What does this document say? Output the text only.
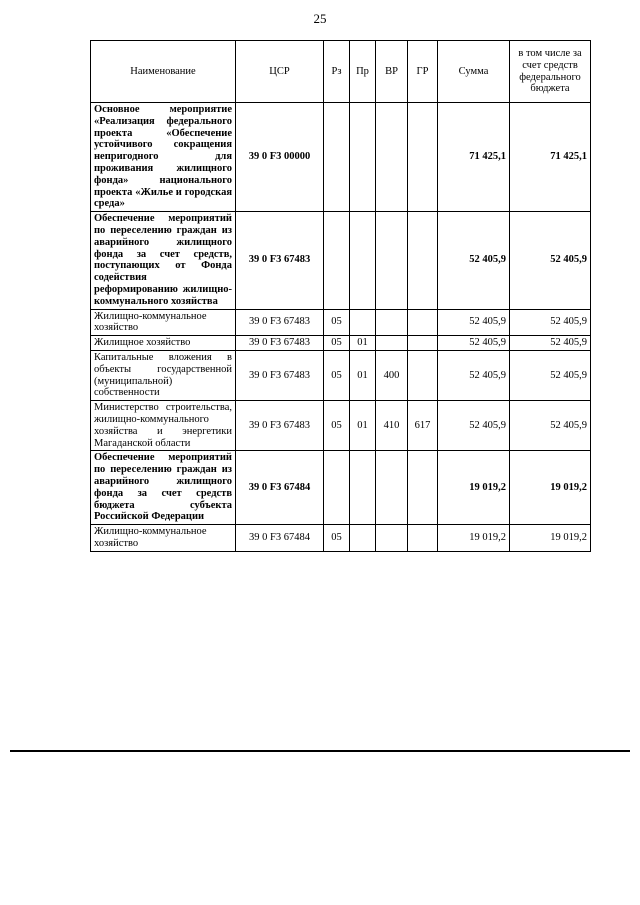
25
Наименование	ЦСР	Рз	Пр	ВР	ГР	Сумма	в том числе за счет средств федерального бюджета
Основное мероприятие «Реализация федерального проекта «Обеспечение устойчивого сокращения непригодного для проживания жилищного фонда» национального проекта «Жилье и городская среда»	39 0 F3 00000					71 425,1	71 425,1
Обеспечение мероприятий по переселению граждан из аварийного жилищного фонда за счет средств, поступающих от Фонда содействия реформированию жилищно-коммунального хозяйства	39 0 F3 67483					52 405,9	52 405,9
Жилищно-коммунальное хозяйство	39 0 F3 67483	05				52 405,9	52 405,9
Жилищное хозяйство	39 0 F3 67483	05	01			52 405,9	52 405,9
Капитальные вложения в объекты государственной (муниципальной) собственности	39 0 F3 67483	05	01	400		52 405,9	52 405,9
Министерство строительства, жилищно-коммунального хозяйства и энергетики Магаданской области	39 0 F3 67483	05	01	410	617	52 405,9	52 405,9
Обеспечение мероприятий по переселению граждан из аварийного жилищного фонда за счет средств бюджета субъекта Российской Федерации	39 0 F3 67484					19 019,2	19 019,2
Жилищно-коммунальное хозяйство	39 0 F3 67484	05				19 019,2	19 019,2
